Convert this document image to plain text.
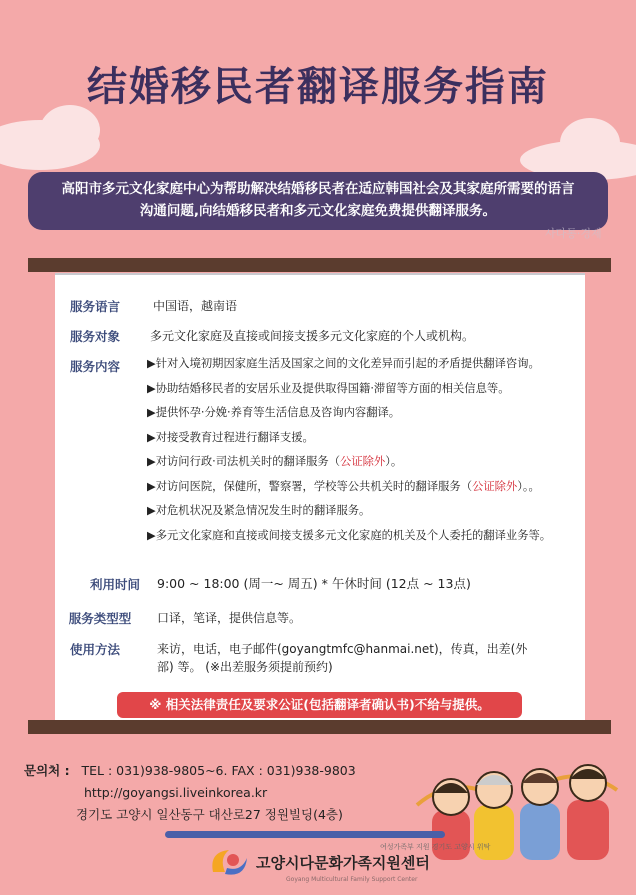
结婚移民者翻译服务指南
高阳市多元文化家庭中心为帮助解决结婚移民者在适应韩国社会及其家庭所需要的语言
沟通问题,向结婚移民者和多元文化家庭免费提供翻译服务。
사다통·경제
服务语言	中国语，越南语
服务对象	多元文化家庭及直接或间接支援多元文化家庭的个人或机构。
服务内容	▶针对入境初期因家庭生活及国家之间的文化差异而引起的矛盾提供翻译咨询。
▶协助结婚移民者的安居乐业及提供取得国籍·滞留等方面的相关信息等。
▶提供怀孕·分娩·养育等生活信息及咨询内容翻译。
▶对接受教育过程进行翻译支援。
▶对访问行政·司法机关时的翻译服务（公证除外）。
▶对访问医院，保健所，警察署，学校等公共机关时的翻译服务（公证除外）。。
▶对危机状况及紧急情况发生时的翻译服务。
▶多元文化家庭和直接或间接支援多元文化家庭的机关及个人委托的翻译业务等。
利用时间	9:00 ~ 18:00 (周一~ 周五) * 午休时间 (12点 ~ 13点)
服务类型型	口译，笔译，提供信息等。
使用方法	来访，电话，电子邮件(goyangtmfc@hanmai.net)，传真，出差(外
部) 等。 (※出差服务须提前预约)
※ 相关法律责任及要求公证(包括翻译者确认书)不给与提供。
문의처 : TEL : 031)938-9805~6. FAX : 031)938-9803
http://goyangsi.liveinkorea.kr
경기도 고양시 일산동구 대산로27 정원빌딩(4층)
여성가족부 지원 경기도 고양시 위탁
고양시다문화가족지원센터
Goyang Multicultural Family Support Center
